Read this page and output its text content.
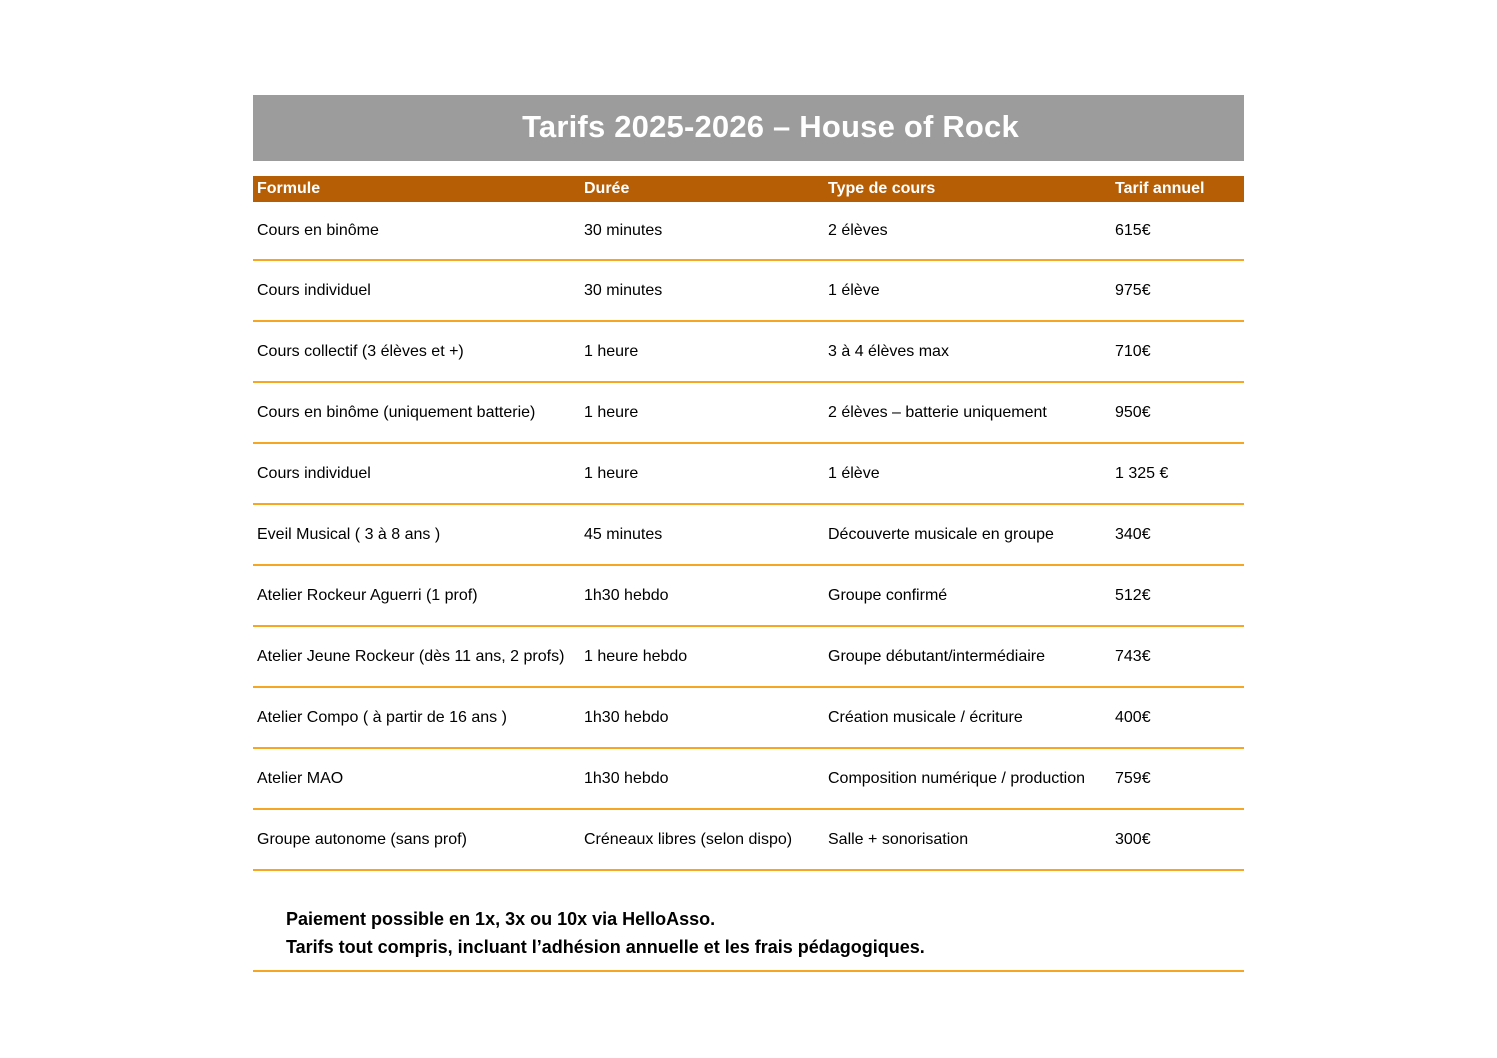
Tarifs 2025-2026 – House of Rock
Formule	Durée	Type de cours	Tarif annuel
Cours en binôme	30 minutes	2 élèves	615€
Cours individuel	30 minutes	1 élève	975€
Cours collectif (3 élèves et +)	1 heure	3 à 4 élèves max	710€
Cours en binôme (uniquement batterie)	1 heure	2 élèves – batterie uniquement	950€
Cours individuel	1 heure	1 élève	1 325 €
Eveil Musical ( 3 à 8 ans )	45 minutes	Découverte musicale en groupe	340€
Atelier Rockeur Aguerri (1 prof)	1h30 hebdo	Groupe confirmé	512€
Atelier Jeune Rockeur (dès 11 ans, 2 profs)	1 heure hebdo	Groupe débutant/intermédiaire	743€
Atelier Compo ( à partir de 16 ans )	1h30 hebdo	Création musicale / écriture	400€
Atelier MAO	1h30 hebdo	Composition numérique / production	759€
Groupe autonome (sans prof)	Créneaux libres (selon dispo)	Salle + sonorisation	300€

Paiement possible en 1x, 3x ou 10x via HelloAsso.

Tarifs tout compris, incluant l’adhésion annuelle et les frais pédagogiques.
